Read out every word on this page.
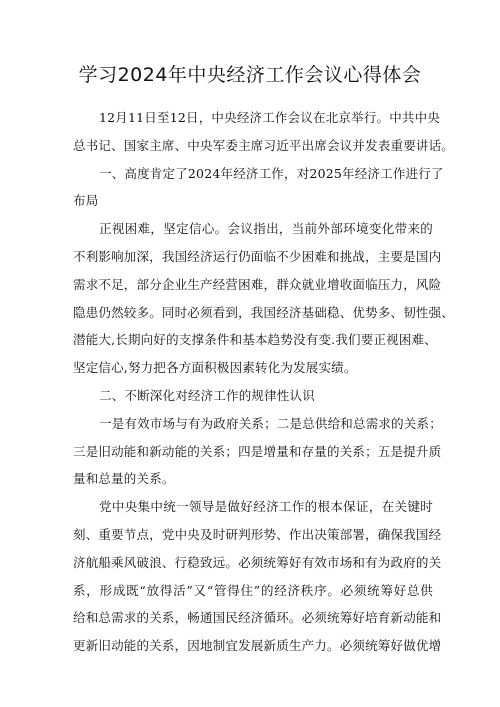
学习2024年中央经济工作会议心得体会
12月11日至12日，中央经济工作会议在北京举行。中共中央
总书记、国家主席、中央军委主席习近平出席会议并发表重要讲话。
一、高度肯定了2024年经济工作，对2025年经济工作进行了
布局
正视困难，坚定信心。会议指出，当前外部环境变化带来的
不利影响加深，我国经济运行仍面临不少困难和挑战，主要是国内
需求不足，部分企业生产经营困难，群众就业增收面临压力，风险
隐患仍然较多。同时必须看到，我国经济基础稳、优势多、韧性强、
潜能大,长期向好的支撑条件和基本趋势没有变.我们要正视困难、
坚定信心,努力把各方面积极因素转化为发展实绩。
二、不断深化对经济工作的规律性认识
一是有效市场与有为政府关系；二是总供给和总需求的关系；
三是旧动能和新动能的关系；四是增量和存量的关系；五是提升质
量和总量的关系。
党中央集中统一领导是做好经济工作的根本保证，在关键时
刻、重要节点，党中央及时研判形势、作出决策部署，确保我国经
济航船乘风破浪、行稳致远。必须统筹好有效市场和有为政府的关
系，形成既“放得活”又“管得住”的经济秩序。必须统筹好总供
给和总需求的关系，畅通国民经济循环。必须统筹好培育新动能和
更新旧动能的关系，因地制宜发展新质生产力。必须统筹好做优增
